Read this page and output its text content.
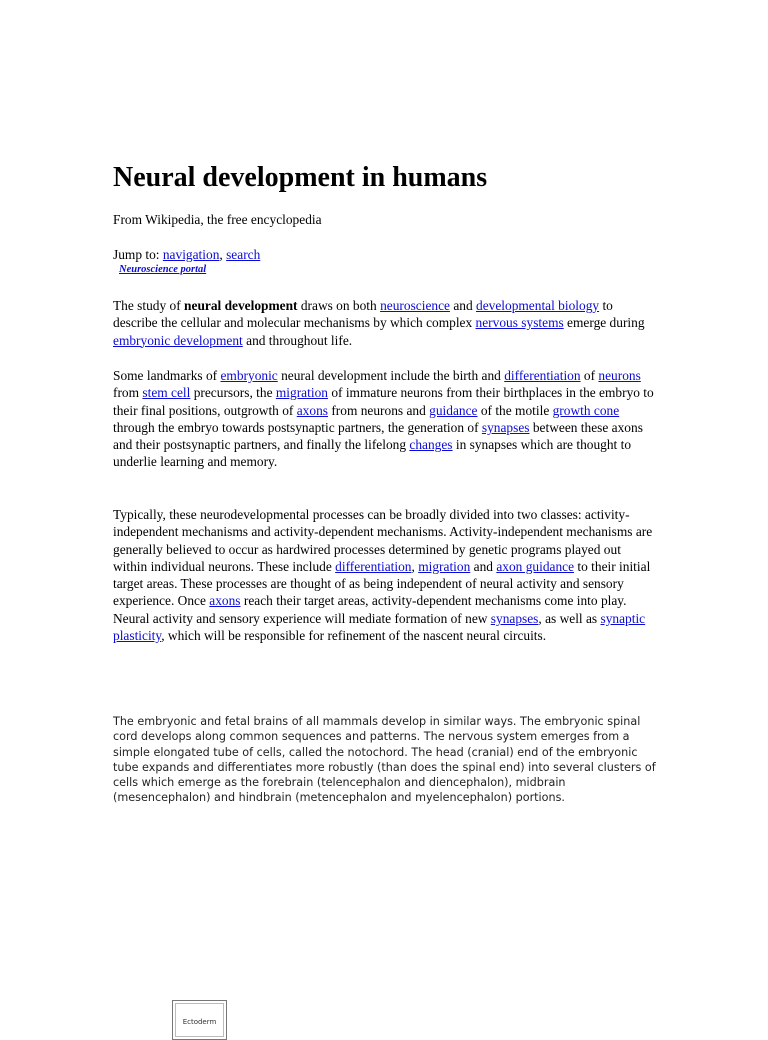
Neural development in humans
From Wikipedia, the free encyclopedia
Jump to: navigation, search
Neuroscience portal

The study of neural development draws on both neuroscience and developmental biology to describe the cellular and molecular mechanisms by which complex nervous systems emerge during embryonic development and throughout life.

Some landmarks of embryonic neural development include the birth and differentiation of neurons from stem cell precursors, the migration of immature neurons from their birthplaces in the embryo to their final positions, outgrowth of axons from neurons and guidance of the motile growth cone through the embryo towards postsynaptic partners, the generation of synapses between these axons and their postsynaptic partners, and finally the lifelong changes in synapses which are thought to underlie learning and memory.

Typically, these neurodevelopmental processes can be broadly divided into two classes: activity-independent mechanisms and activity-dependent mechanisms. Activity-independent mechanisms are generally believed to occur as hardwired processes determined by genetic programs played out within individual neurons. These include differentiation, migration and axon guidance to their initial target areas. These processes are thought of as being independent of neural activity and sensory experience. Once axons reach their target areas, activity-dependent mechanisms come into play. Neural activity and sensory experience will mediate formation of new synapses, as well as synaptic plasticity, which will be responsible for refinement of the nascent neural circuits.

The embryonic and fetal brains of all mammals develop in similar ways. The embryonic spinal cord develops along common sequences and patterns. The nervous system emerges from a simple elongated tube of cells, called the notochord. The head (cranial) end of the embryonic tube expands and differentiates more robustly (than does the spinal end) into several clusters of cells which emerge as the forebrain (telencephalon and diencephalon), midbrain (mesencephalon) and hindbrain (metencephalon and myelencephalon) portions.

Ectoderm
